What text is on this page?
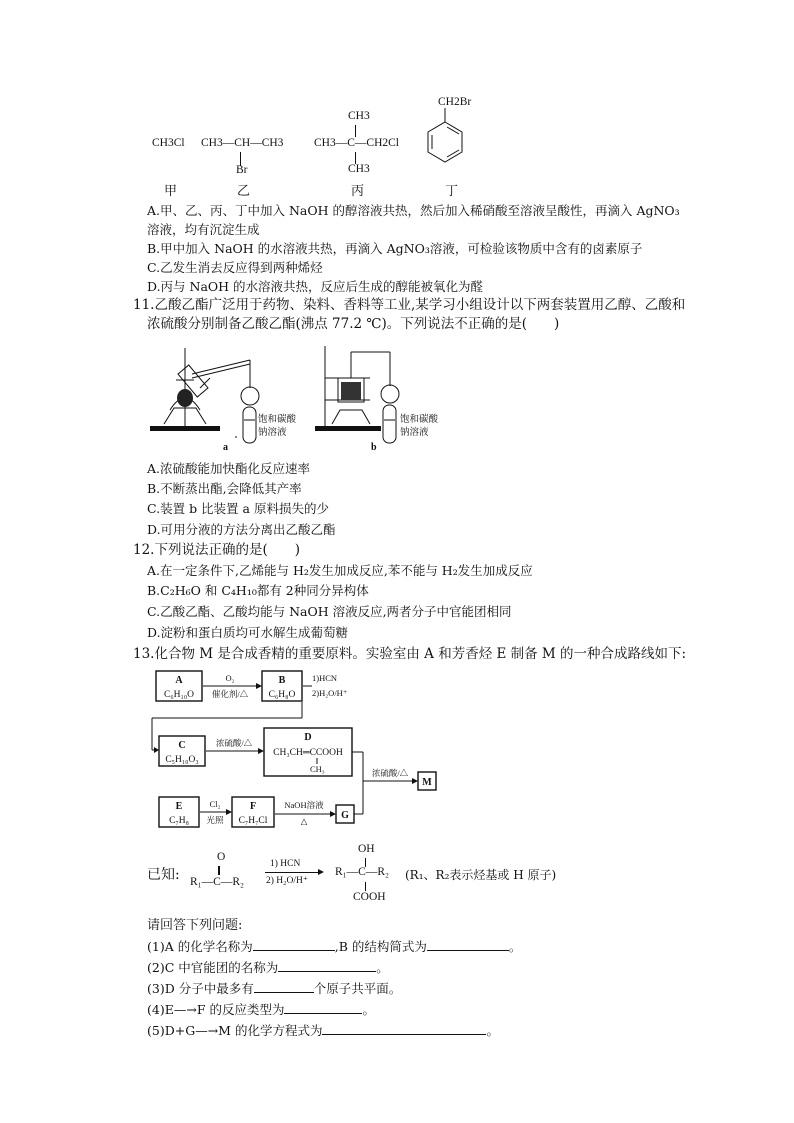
CH3Cl CH3—CH—CH3
Br
CH3
CH3—C—CH2Cl
CH3
CH2Br
甲	乙	丙	丁
A.甲、乙、丙、丁中加入 NaOH 的醇溶液共热，然后加入稀硝酸至溶液呈酸性，再滴入 AgNO₃
溶液，均有沉淀生成
B.甲中加入 NaOH 的水溶液共热，再滴入 AgNO₃溶液，可检验该物质中含有的卤素原子
C.乙发生消去反应得到两种烯烃
D.丙与 NaOH 的水溶液共热，反应后生成的醇能被氧化为醛
11.乙酸乙酯广泛用于药物、染料、香料等工业,某学习小组设计以下两套装置用乙醇、乙酸和
浓硫酸分别制备乙酸乙酯(沸点 77.2 ℃)。下列说法不正确的是(　　)
饱和碳酸
钠溶液
a
饱和碳酸
钠溶液
b
A.浓硫酸能加快酯化反应速率
B.不断蒸出酯,会降低其产率
C.装置 b 比装置 a 原料损失的少
D.可用分液的方法分离出乙酸乙酯
12.下列说法正确的是(　　)
A.在一定条件下,乙烯能与 H₂发生加成反应,苯不能与 H₂发生加成反应
B.C₂H₆O 和 C₄H₁₀都有 2种同分异构体
C.乙酸乙酯、乙酸均能与 NaOH 溶液反应,两者分子中官能团相同
D.淀粉和蛋白质均可水解生成葡萄糖
13.化合物 M 是合成香精的重要原料。实验室由 A 和芳香烃 E 制备 M 的一种合成路线如下:
A
C₆H₁₀O
O₂
催化剂/△
B
C₆H₈O
1)HCN
2)H₂O/H⁺
C
C₅H₁₀O₃
浓硫酸/△	D
CH₃CH═CCOOH
CH₃	浓硫酸/△
M
E
C₇H₈
Cl₂
光照
F
C₇H₇Cl
NaOH溶液
△	G
已知:
O
R₁—C—R₂
1) HCN
2) H₂O/H⁺
OH
R₁—C—R₂
COOH
(R₁、R₂表示烃基或 H 原子)
请回答下列问题:
(1)A 的化学名称为	,B 的结构简式为	。
(2)C 中官能团的名称为	。
(3)D 分子中最多有	个原子共平面。
(4)E—→F 的反应类型为	。
(5)D+G—→M 的化学方程式为	。
